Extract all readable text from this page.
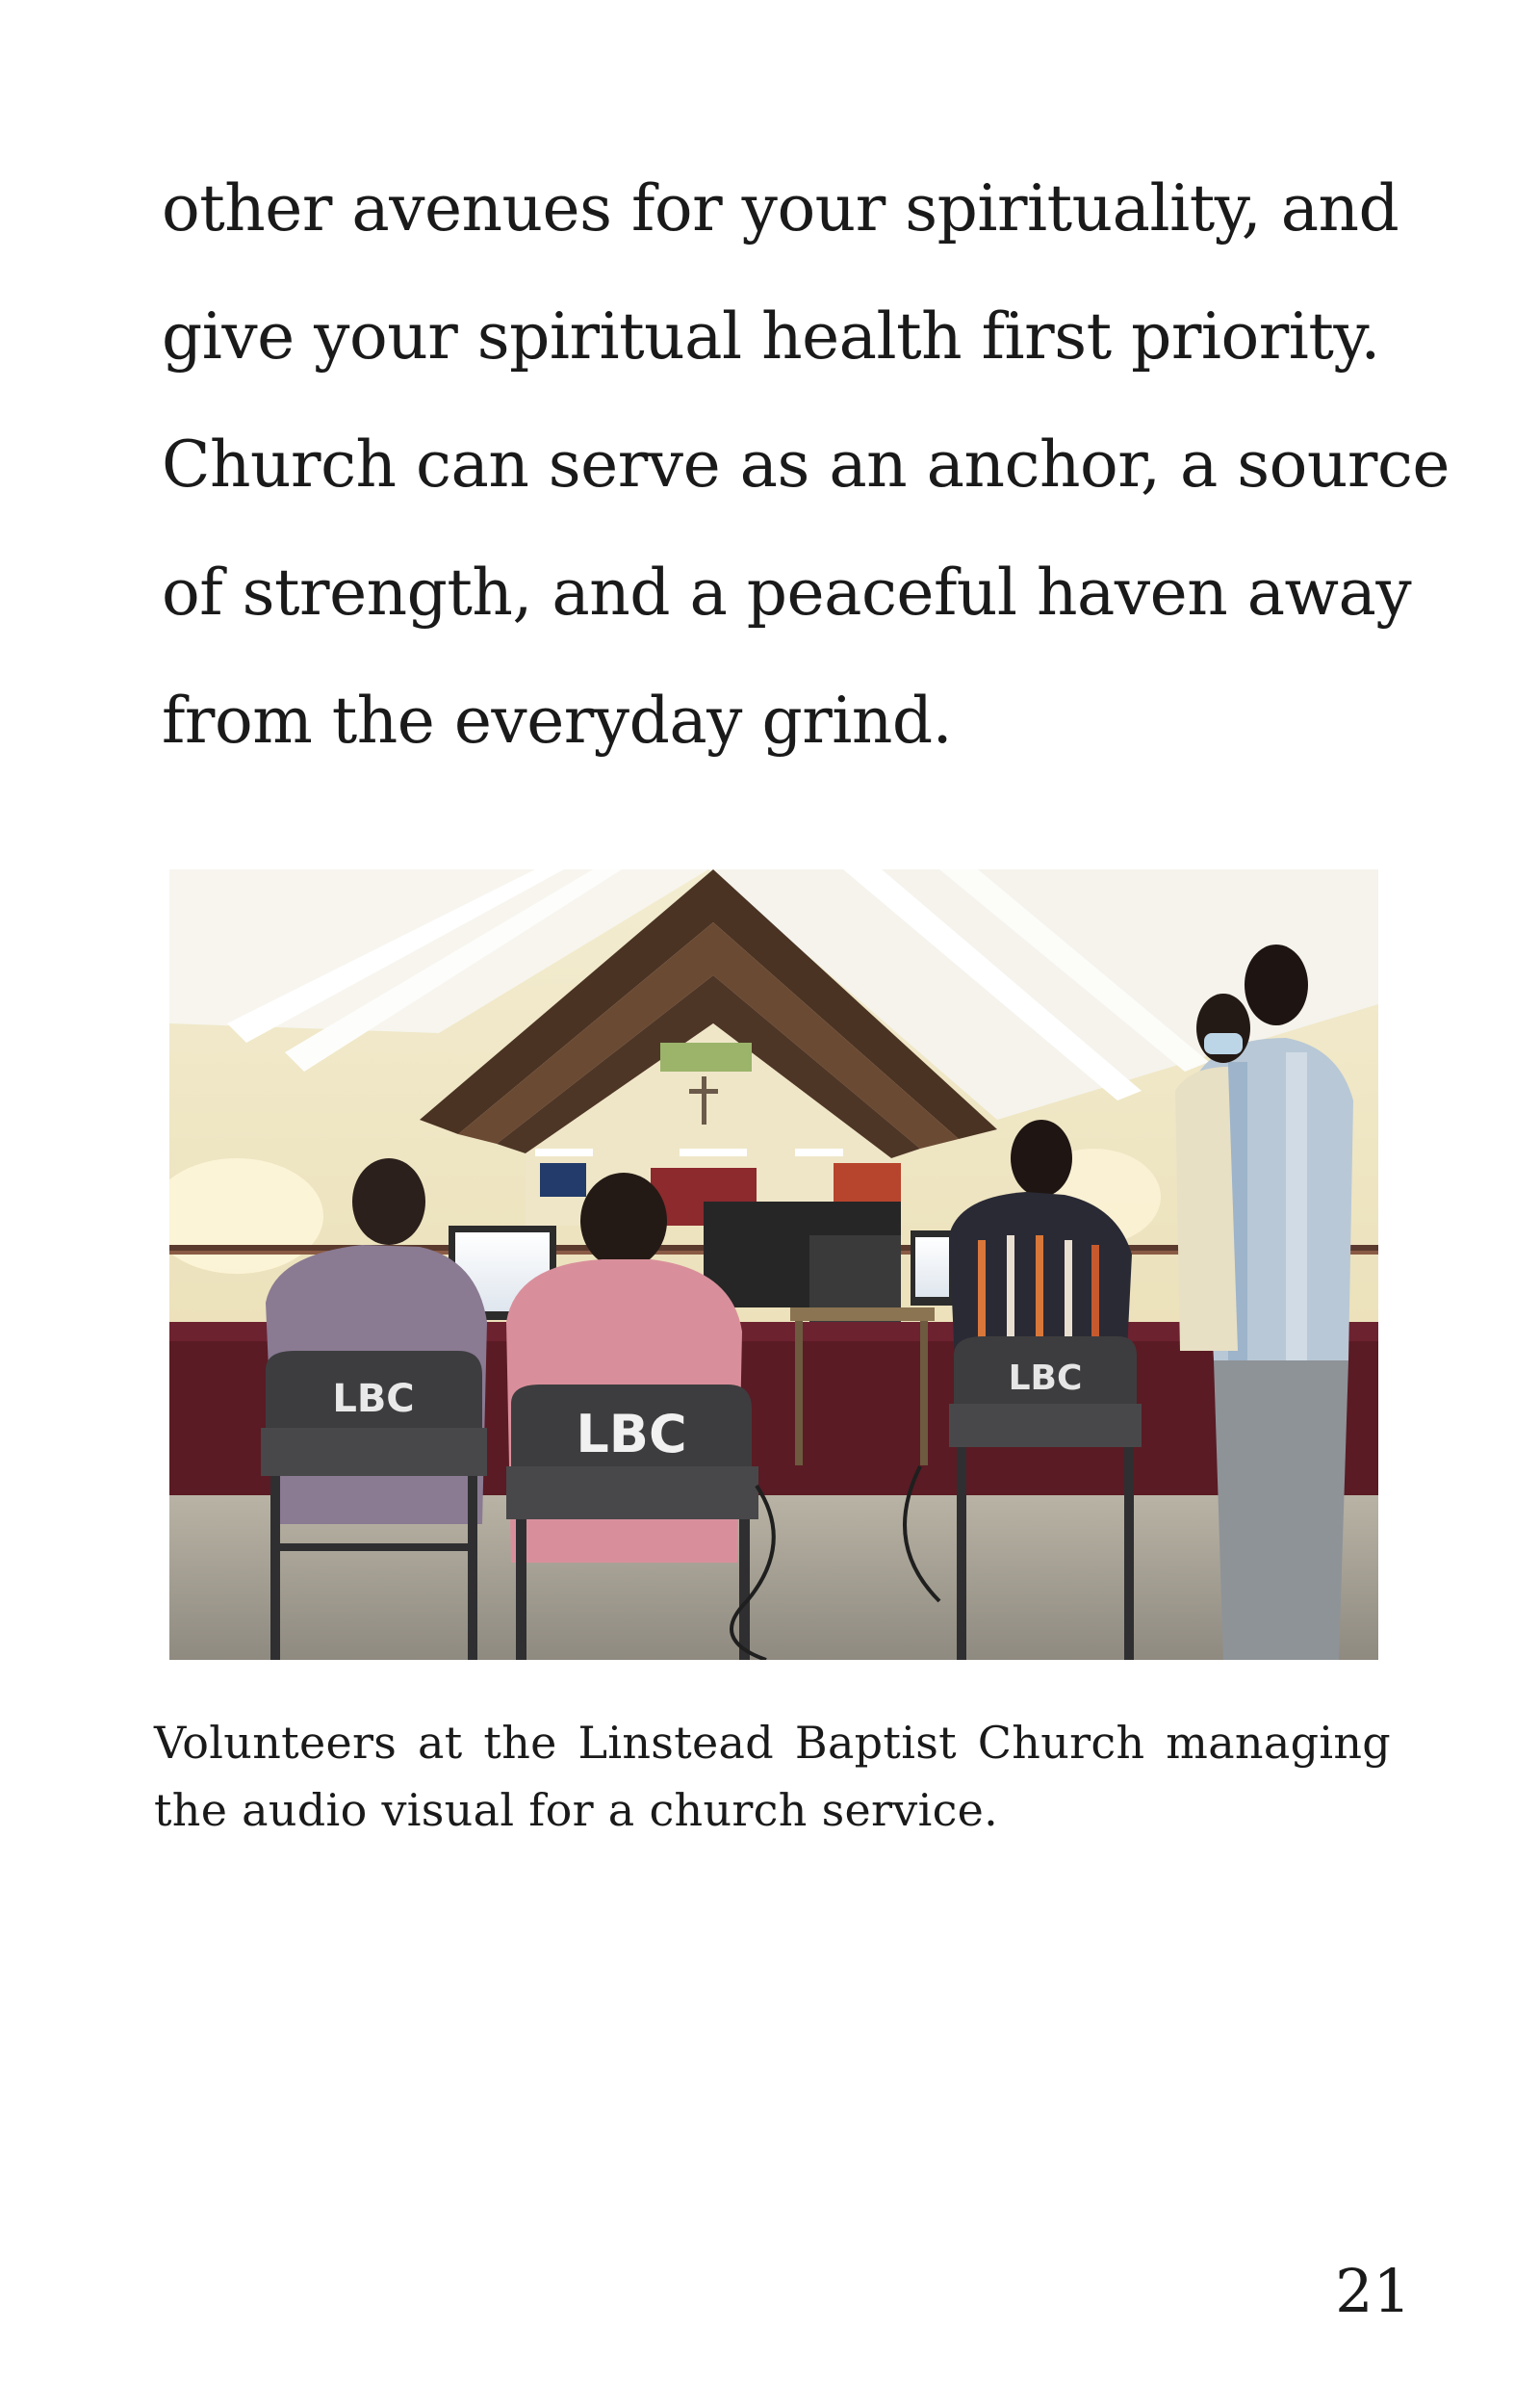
other avenues for your spirituality, and
give your spiritual health first priority.
Church can serve as an anchor, a source
of strength, and a peaceful haven away
from the everyday grind.
LBC
LBC
LBC
Volunteers at the Linstead Baptist Church managing the audio visual for a church service.
21
